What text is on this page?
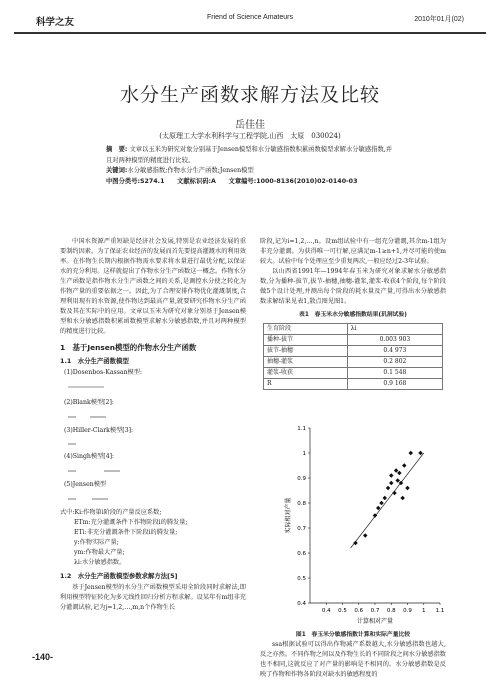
科学之友	Friend of Science Amateurs	2010年01月(02)
水分生产函数求解方法及比较
岳佳佳
(太原理工大学水利科学与工程学院,山西　太原　030024)
摘　要: 文章以玉米为研究对象分别基于Jensen模型和水分敏感指数积累函数模型求解水分敏感指数,并且对两种模型的精度进行比较。
关键词:水分敏感指数;作物水分生产函数;Jensen模型
中图分类号:S274.1　　文献标识码:A　　文章编号:1000-8136(2010)02-0140-03
中国水资源严重短缺是经济社会发展,特别是农业经济发展的重要制约因素。为了保证农业经济的发展而首先要提高灌溉水的利用效率。在作物生长期内根据作物需水要求将水量进行最优分配,以保证水的充分利用。这样就提出了作物水分生产函数这一概念。作物水分生产函数是指作物水分生产函数之间的关系,是调控水分使之转化为作物产量的重要依据之一。因此,为了合理安排作物优化灌溉制度,合理利用现有的水资源,使作物达到最高产量,就要研究作物水分生产函数及其在实际中的应用。文章以玉米为研究对象分别基于Jensen模型和水分敏感指数积累函数模型求解水分敏感指数,并且对两种模型的精度进行比较。
1　基于Jensen模型的作物水分生产函数
1.1　水分生产函数模型
(1)Dosenbos-Kassan模型:
(2)Blank模型[2]:
(3)Hiller-Clark模型[3]:
(4)Singh模型[4]:
(5)Jensen模型
式中:Ki:作物第i阶段的产量反应系数;
ETm:充分灌溉条件下作物阶段i的腾发量;
ETi:非充分灌溉条件下阶段i的腾发量;
y:作物实际产量;
ym:作物最大产量;
λi:水分敏感指数。
1.2　水分生产函数模型参数求解方法[5]
基于Jensen模型的水分生产函数模型采用全阶段同时求解法,即利用模型特征转化为多元线性回归分析方程求解。设某年有m组非充分灌溉试验,记为j=1,2,…,m,n个作物生长
阶段,记为i=1,2,…,n。设m组试验中有一组充分灌溉,其余m-1组为非充分灌溉。为获得唯一可行解,应满足m-1≥n+1,并尽可能的使m较大。试验中每个处理应至少重复两次,一般应经过2-3年试验。
以山西省1991年—1994年春玉米为研究对象求解水分敏感指数,分为播种-拔节,拔节-抽穗,抽穗-灌浆,灌浆-收获4个阶段,每个阶段做5个设计处理,并测出每个阶段的耗水量及产量,可得出水分敏感指数求解结果见表1,散点图见图1。
表1　春玉米水分敏感指数结果(玑洞试验)
生育阶段	λi
播种-拔节	0.003 903
拔节-抽穗	0.4 973
抽穗-灌浆	0.2 802
灌浆-收获	0.1 548
R	0.9 168
0.4
0.5
0.6
0.7
0.8
0.9
1
1.1
0.4 0.5 0.6 0.7 0.8 0.9 1 1.1
计算相对产量
实际相对产量
图1　春玉米分敏感指数计算和实际产量比较
ssa根据试验可以得出作物减产系数越大,水分敏感指数也越大,反之亦然。不同作物之间以及作物生长的不同阶段之间水分敏感指数也不相同,这就反应了对产量的影响是不相同的。水分敏感指数是反映了作物和作物各阶段对缺水的敏感程度的
-140-
